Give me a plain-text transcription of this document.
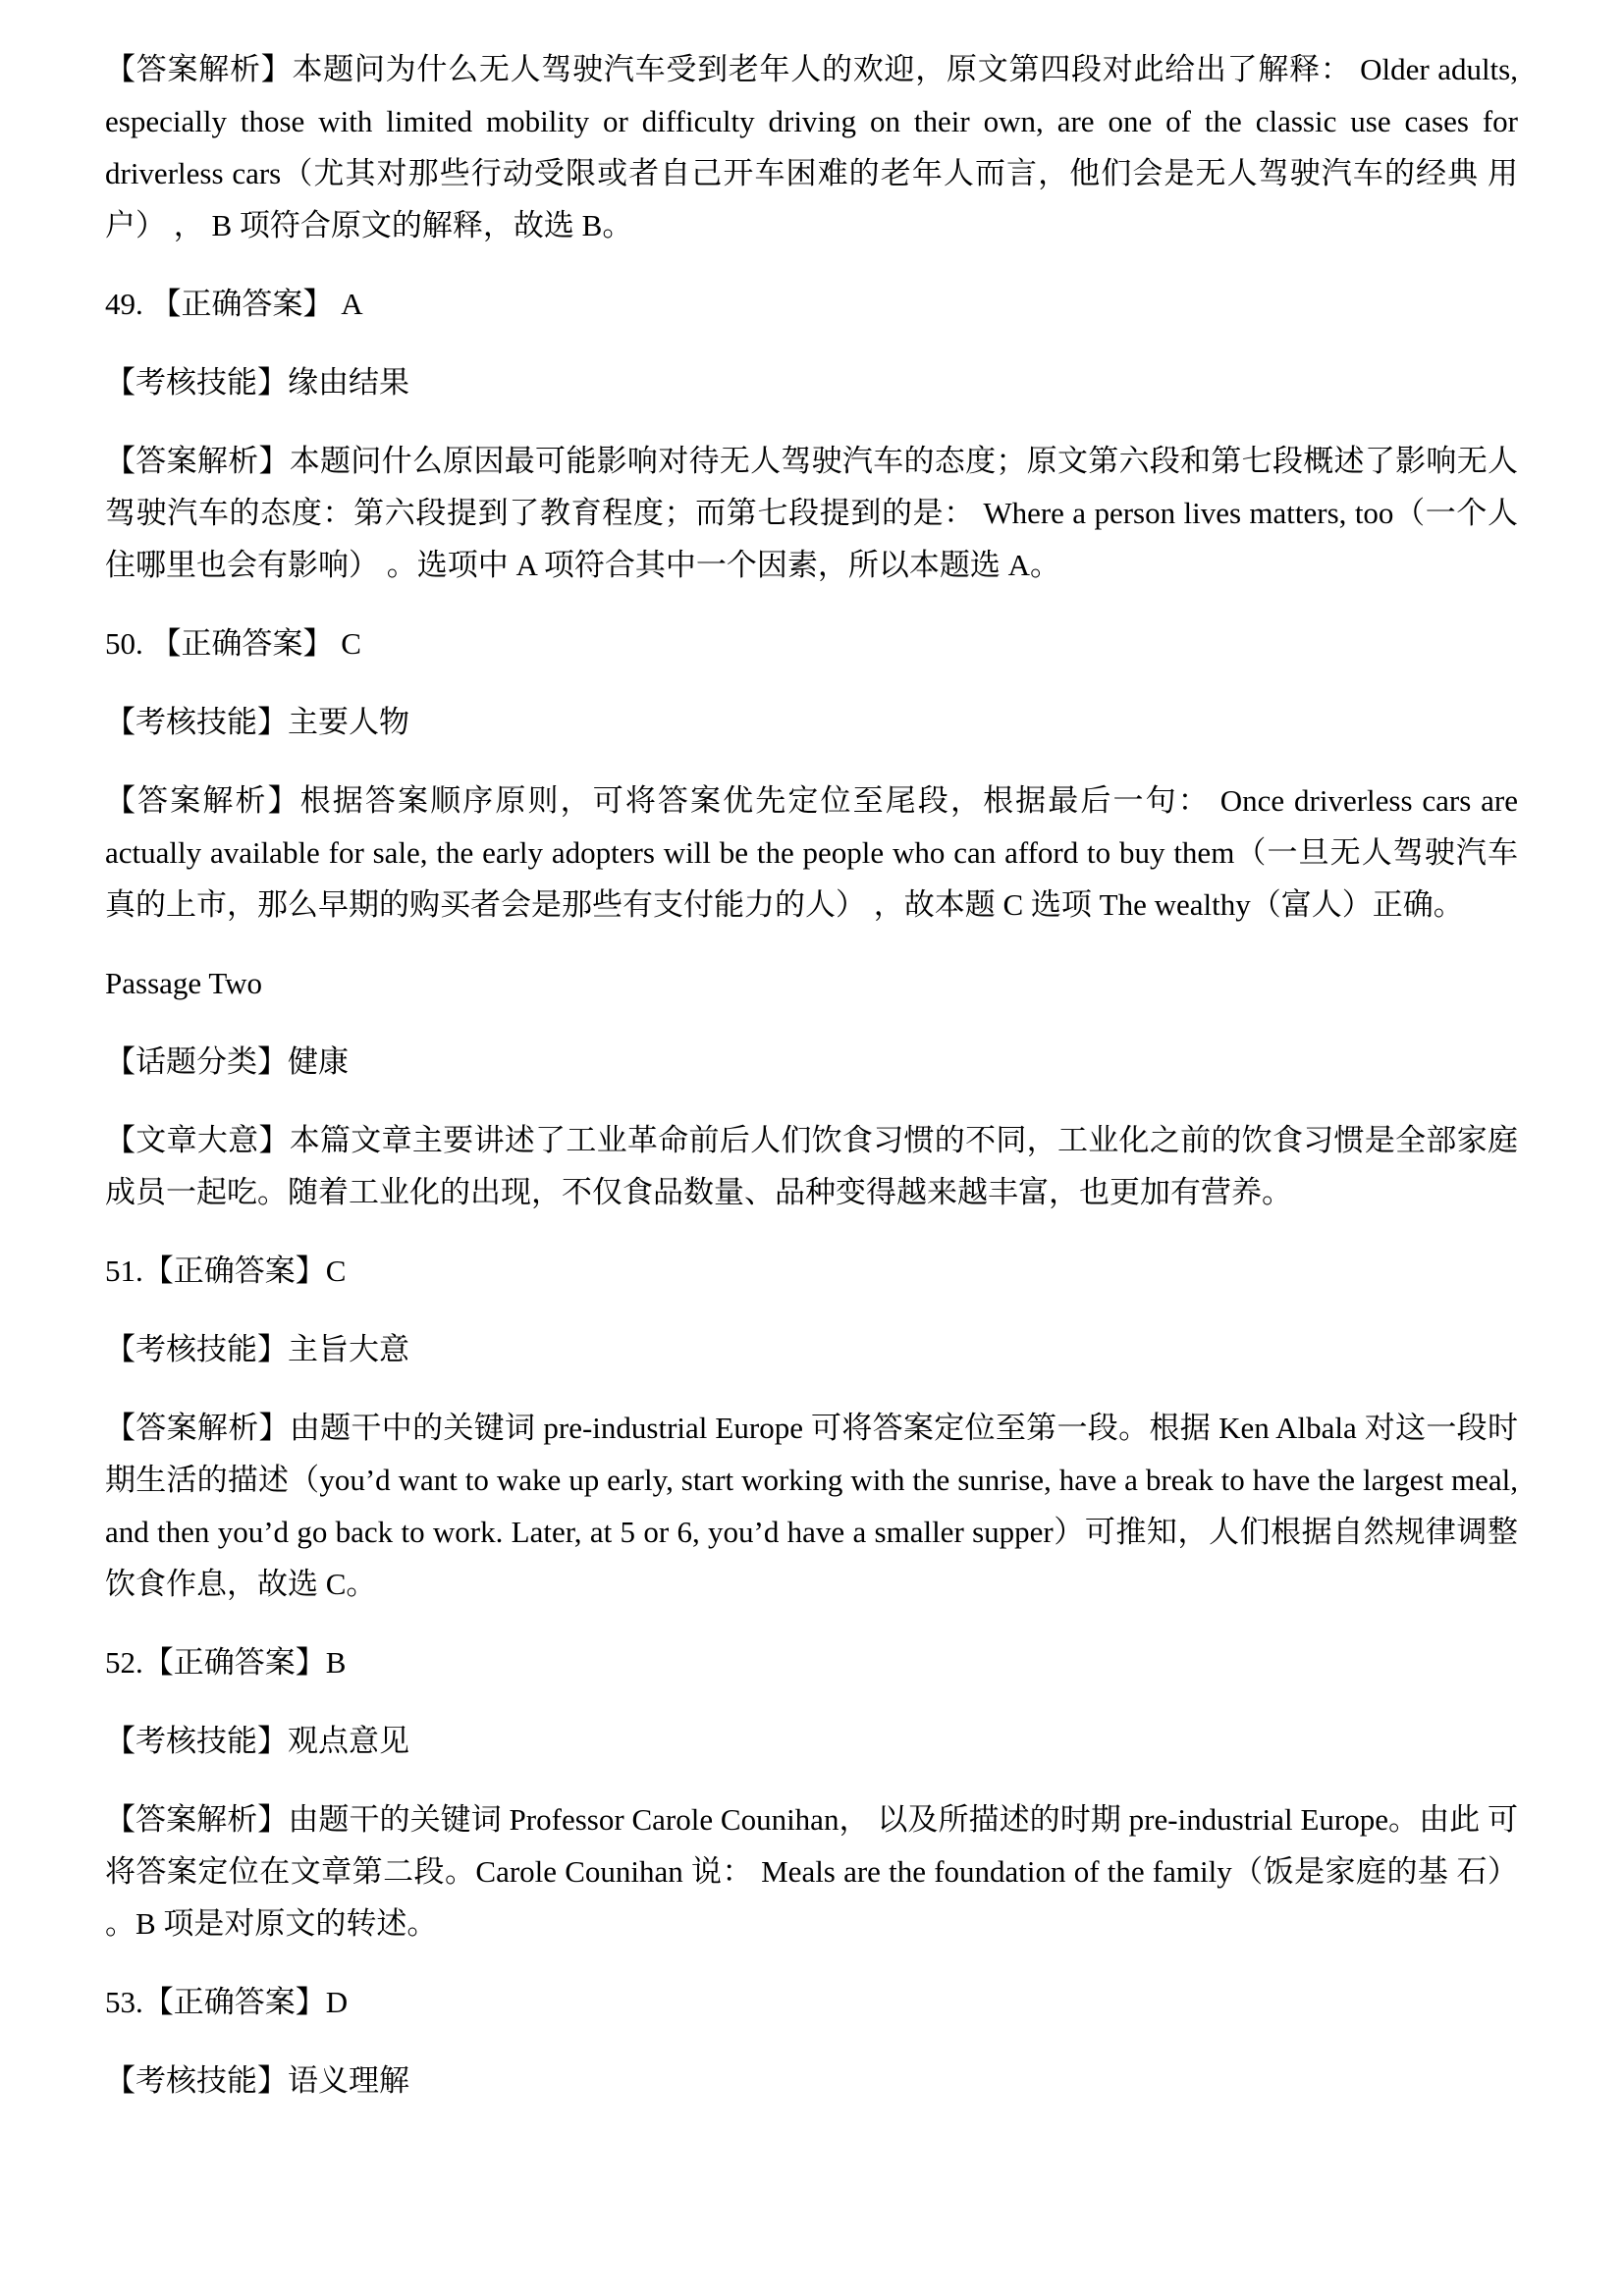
【答案解析】本题问为什么无人驾驶汽车受到老年人的欢迎，原文第四段对此给出了解释： Older adults, especially those with limited mobility or difficulty driving on their own, are one of the classic use cases for driverless cars（尤其对那些行动受限或者自己开车困难的老年人而言，他们会是无人驾驶汽车的经典 用户） ， B 项符合原文的解释，故选 B。

49. 【正确答案】 A

【考核技能】缘由结果

【答案解析】本题问什么原因最可能影响对待无人驾驶汽车的态度；原文第六段和第七段概述了影响无人驾驶汽车的态度：第六段提到了教育程度；而第七段提到的是： Where a person lives matters, too（一个人住哪里也会有影响） 。选项中 A 项符合其中一个因素，所以本题选 A。

50. 【正确答案】 C

【考核技能】主要人物

【答案解析】根据答案顺序原则，可将答案优先定位至尾段，根据最后一句： Once driverless cars are actually available for sale, the early adopters will be the people who can afford to buy them（一旦无人驾驶汽车真的上市，那么早期的购买者会是那些有支付能力的人） ，故本题 C 选项 The wealthy（富人）正确。

Passage Two

【话题分类】健康

【文章大意】本篇文章主要讲述了工业革命前后人们饮食习惯的不同，工业化之前的饮食习惯是全部家庭成员一起吃。随着工业化的出现，不仅食品数量、品种变得越来越丰富，也更加有营养。

51.【正确答案】C

【考核技能】主旨大意

【答案解析】由题干中的关键词 pre-industrial Europe 可将答案定位至第一段。根据 Ken Albala 对这一段时期生活的描述（you’d want to wake up early, start working with the sunrise, have a break to have the largest meal, and then you’d go back to work. Later, at 5 or 6, you’d have a smaller supper）可推知，人们根据自然规律调整饮食作息，故选 C。

52.【正确答案】B

【考核技能】观点意见

【答案解析】由题干的关键词 Professor Carole Counihan， 以及所描述的时期 pre-industrial Europe。由此 可将答案定位在文章第二段。Carole Counihan 说： Meals are the foundation of the family（饭是家庭的基 石） 。B 项是对原文的转述。

53.【正确答案】D

【考核技能】语义理解
